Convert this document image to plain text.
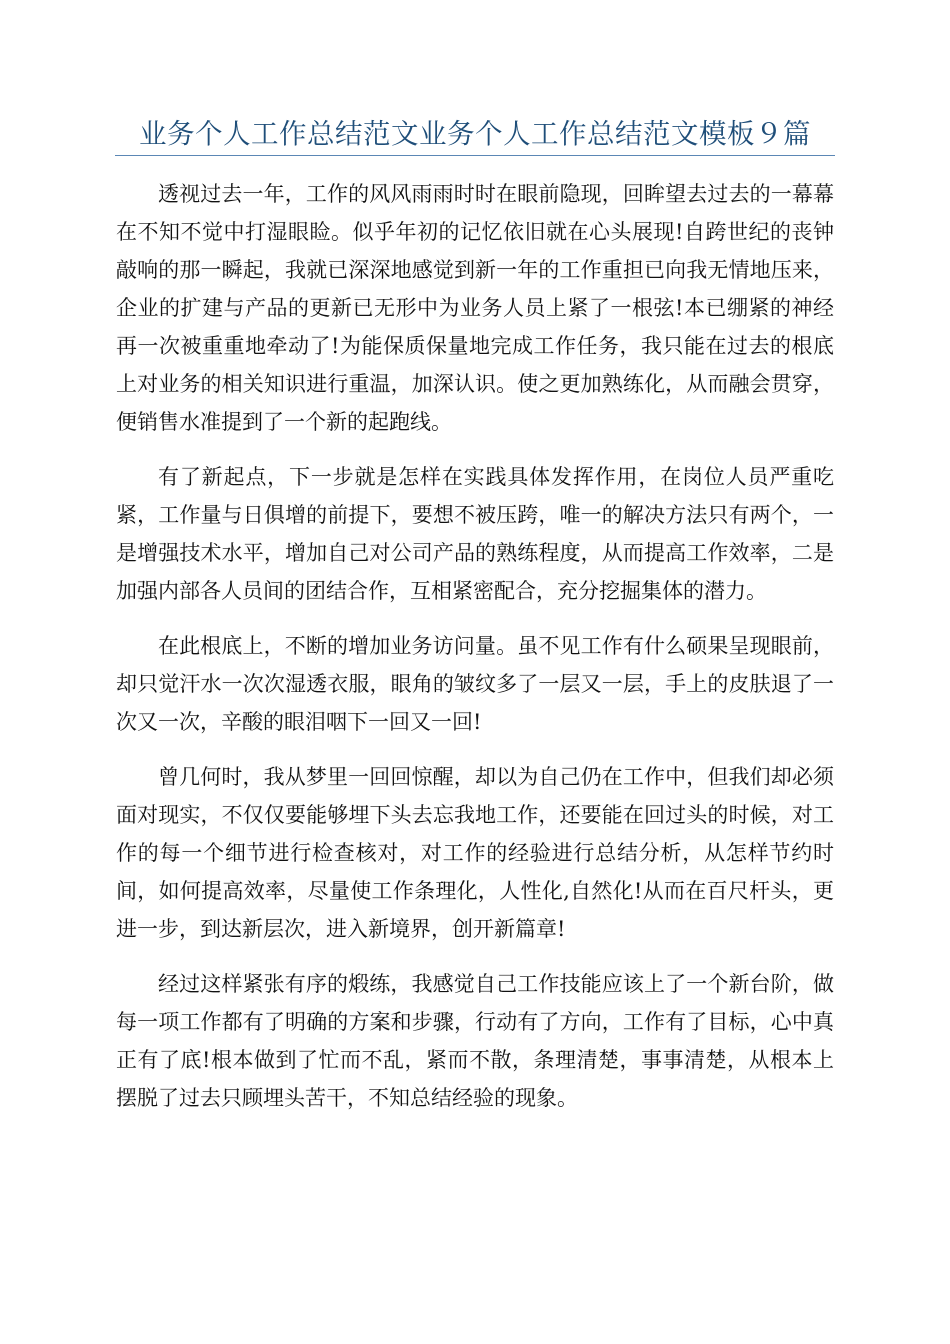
业务个人工作总结范文业务个人工作总结范文模板９篇

透视过去一年，工作的风风雨雨时时在眼前隐现，回眸望去过去的一幕幕在不知不觉中打湿眼睑。似乎年初的记忆依旧就在心头展现!自跨世纪的丧钟敲响的那一瞬起，我就已深深地感觉到新一年的工作重担已向我无情地压来，企业的扩建与产品的更新已无形中为业务人员上紧了一根弦!本已绷紧的神经再一次被重重地牵动了!为能保质保量地完成工作任务，我只能在过去的根底上对业务的相关知识进行重温，加深认识。使之更加熟练化，从而融会贯穿，便销售水准提到了一个新的起跑线。

有了新起点，下一步就是怎样在实践具体发挥作用，在岗位人员严重吃紧，工作量与日俱增的前提下，要想不被压跨，唯一的解决方法只有两个，一是增强技术水平，增加自己对公司产品的熟练程度，从而提高工作效率，二是加强内部各人员间的团结合作，互相紧密配合，充分挖掘集体的潜力。

在此根底上，不断的增加业务访问量。虽不见工作有什么硕果呈现眼前，却只觉汗水一次次湿透衣服，眼角的皱纹多了一层又一层，手上的皮肤退了一次又一次，辛酸的眼泪咽下一回又一回!

曾几何时，我从梦里一回回惊醒，却以为自己仍在工作中，但我们却必须面对现实，不仅仅要能够埋下头去忘我地工作，还要能在回过头的时候，对工作的每一个细节进行检查核对，对工作的经验进行总结分析，从怎样节约时间，如何提高效率，尽量使工作条理化，人性化,自然化!从而在百尺杆头，更进一步，到达新层次，进入新境界，创开新篇章!

经过这样紧张有序的煅练，我感觉自己工作技能应该上了一个新台阶，做每一项工作都有了明确的方案和步骤，行动有了方向，工作有了目标，心中真正有了底!根本做到了忙而不乱，紧而不散，条理清楚，事事清楚，从根本上摆脱了过去只顾埋头苦干，不知总结经验的现象。
